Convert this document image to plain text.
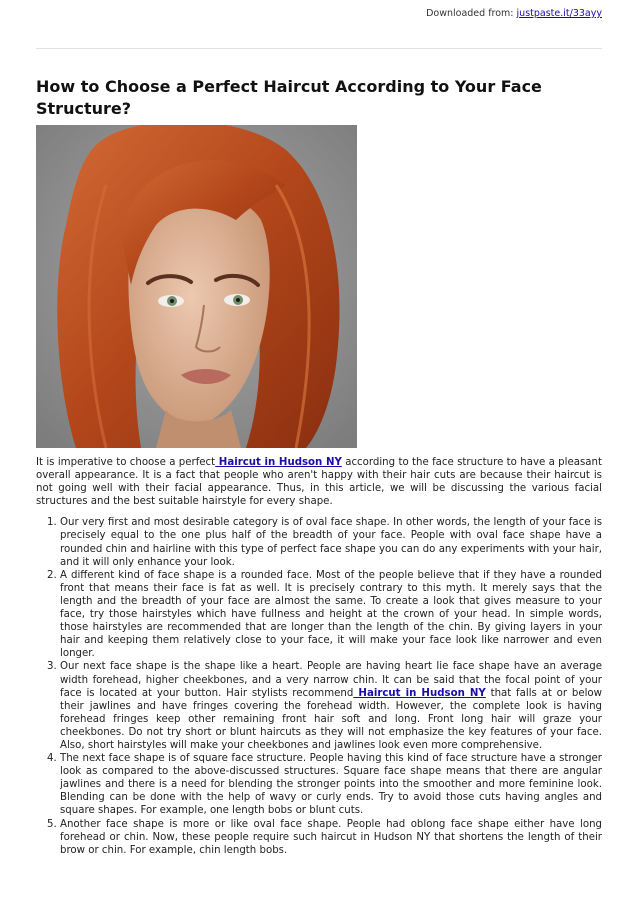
Downloaded from: justpaste.it/33ayy
How to Choose a Perfect Haircut According to Your Face Structure?

It is imperative to choose a perfect Haircut in Hudson NY according to the face structure to have a pleasant overall appearance. It is a fact that people who aren't happy with their hair cuts are because their haircut is not going well with their facial appearance. Thus, in this article, we will be discussing the various facial structures and the best suitable hairstyle for every shape.

1. Our very first and most desirable category is of oval face shape. In other words, the length of your face is precisely equal to the one plus half of the breadth of your face. People with oval face shape have a rounded chin and hairline with this type of perfect face shape you can do any experiments with your hair, and it will only enhance your look.
2. A different kind of face shape is a rounded face. Most of the people believe that if they have a rounded front that means their face is fat as well. It is precisely contrary to this myth. It merely says that the length and the breadth of your face are almost the same. To create a look that gives measure to your face, try those hairstyles which have fullness and height at the crown of your head. In simple words, those hairstyles are recommended that are longer than the length of the chin. By giving layers in your hair and keeping them relatively close to your face, it will make your face look like narrower and even longer.
3. Our next face shape is the shape like a heart. People are having heart lie face shape have an average width forehead, higher cheekbones, and a very narrow chin. It can be said that the focal point of your face is located at your button. Hair stylists recommend Haircut in Hudson NY that falls at or below their jawlines and have fringes covering the forehead width. However, the complete look is having forehead fringes keep other remaining front hair soft and long. Front long hair will graze your cheekbones. Do not try short or blunt haircuts as they will not emphasize the key features of your face. Also, short hairstyles will make your cheekbones and jawlines look even more comprehensive.
4. The next face shape is of square face structure. People having this kind of face structure have a stronger look as compared to the above-discussed structures. Square face shape means that there are angular jawlines and there is a need for blending the stronger points into the smoother and more feminine look. Blending can be done with the help of wavy or curly ends. Try to avoid those cuts having angles and square shapes. For example, one length bobs or blunt cuts.
5. Another face shape is more or like oval face shape. People had oblong face shape either have long forehead or chin. Now, these people require such haircut in Hudson NY that shortens the length of their brow or chin. For example, chin length bobs.
